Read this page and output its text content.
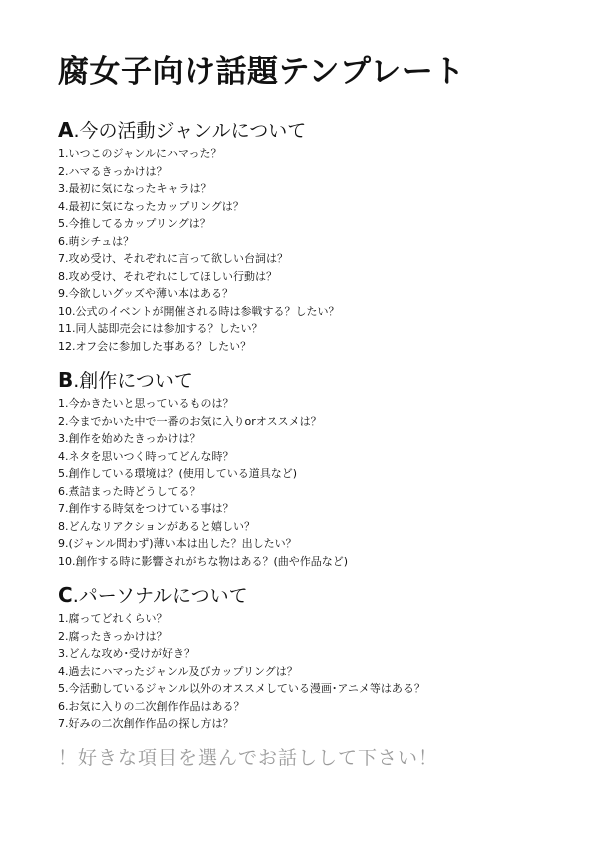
腐女子向け話題テンプレート
A.今の活動ジャンルについて
1.いつこのジャンルにハマった？
2.ハマるきっかけは？
3.最初に気になったキャラは？
4.最初に気になったカップリングは？
5.今推してるカップリングは？
6.萌シチュは？
7.攻め受け、それぞれに言って欲しい台詞は？
8.攻め受け、それぞれにしてほしい行動は？
9.今欲しいグッズや薄い本はある？
10.公式のイベントが開催される時は参戦する？したい？
11.同人誌即売会には参加する？したい？
12.オフ会に参加した事ある？したい？
B.創作について
1.今かきたいと思っているものは？
2.今までかいた中で一番のお気に入りorオススメは？
3.創作を始めたきっかけは？
4.ネタを思いつく時ってどんな時？
5.創作している環境は？(使用している道具など)
6.煮詰まった時どうしてる？
7.創作する時気をつけている事は？
8.どんなリアクションがあると嬉しい？
9.(ジャンル問わず)薄い本は出した？出したい？
10.創作する時に影響されがちな物はある？(曲や作品など)
C.パーソナルについて
1.腐ってどれくらい？
2.腐ったきっかけは？
3.どんな攻め･受けが好き？
4.過去にハマったジャンル及びカップリングは？
5.今活動しているジャンル以外のオススメしている漫画･アニメ等はある？
6.お気に入りの二次創作作品はある？
7.好みの二次創作作品の探し方は？
！好きな項目を選んでお話しして下さい！
